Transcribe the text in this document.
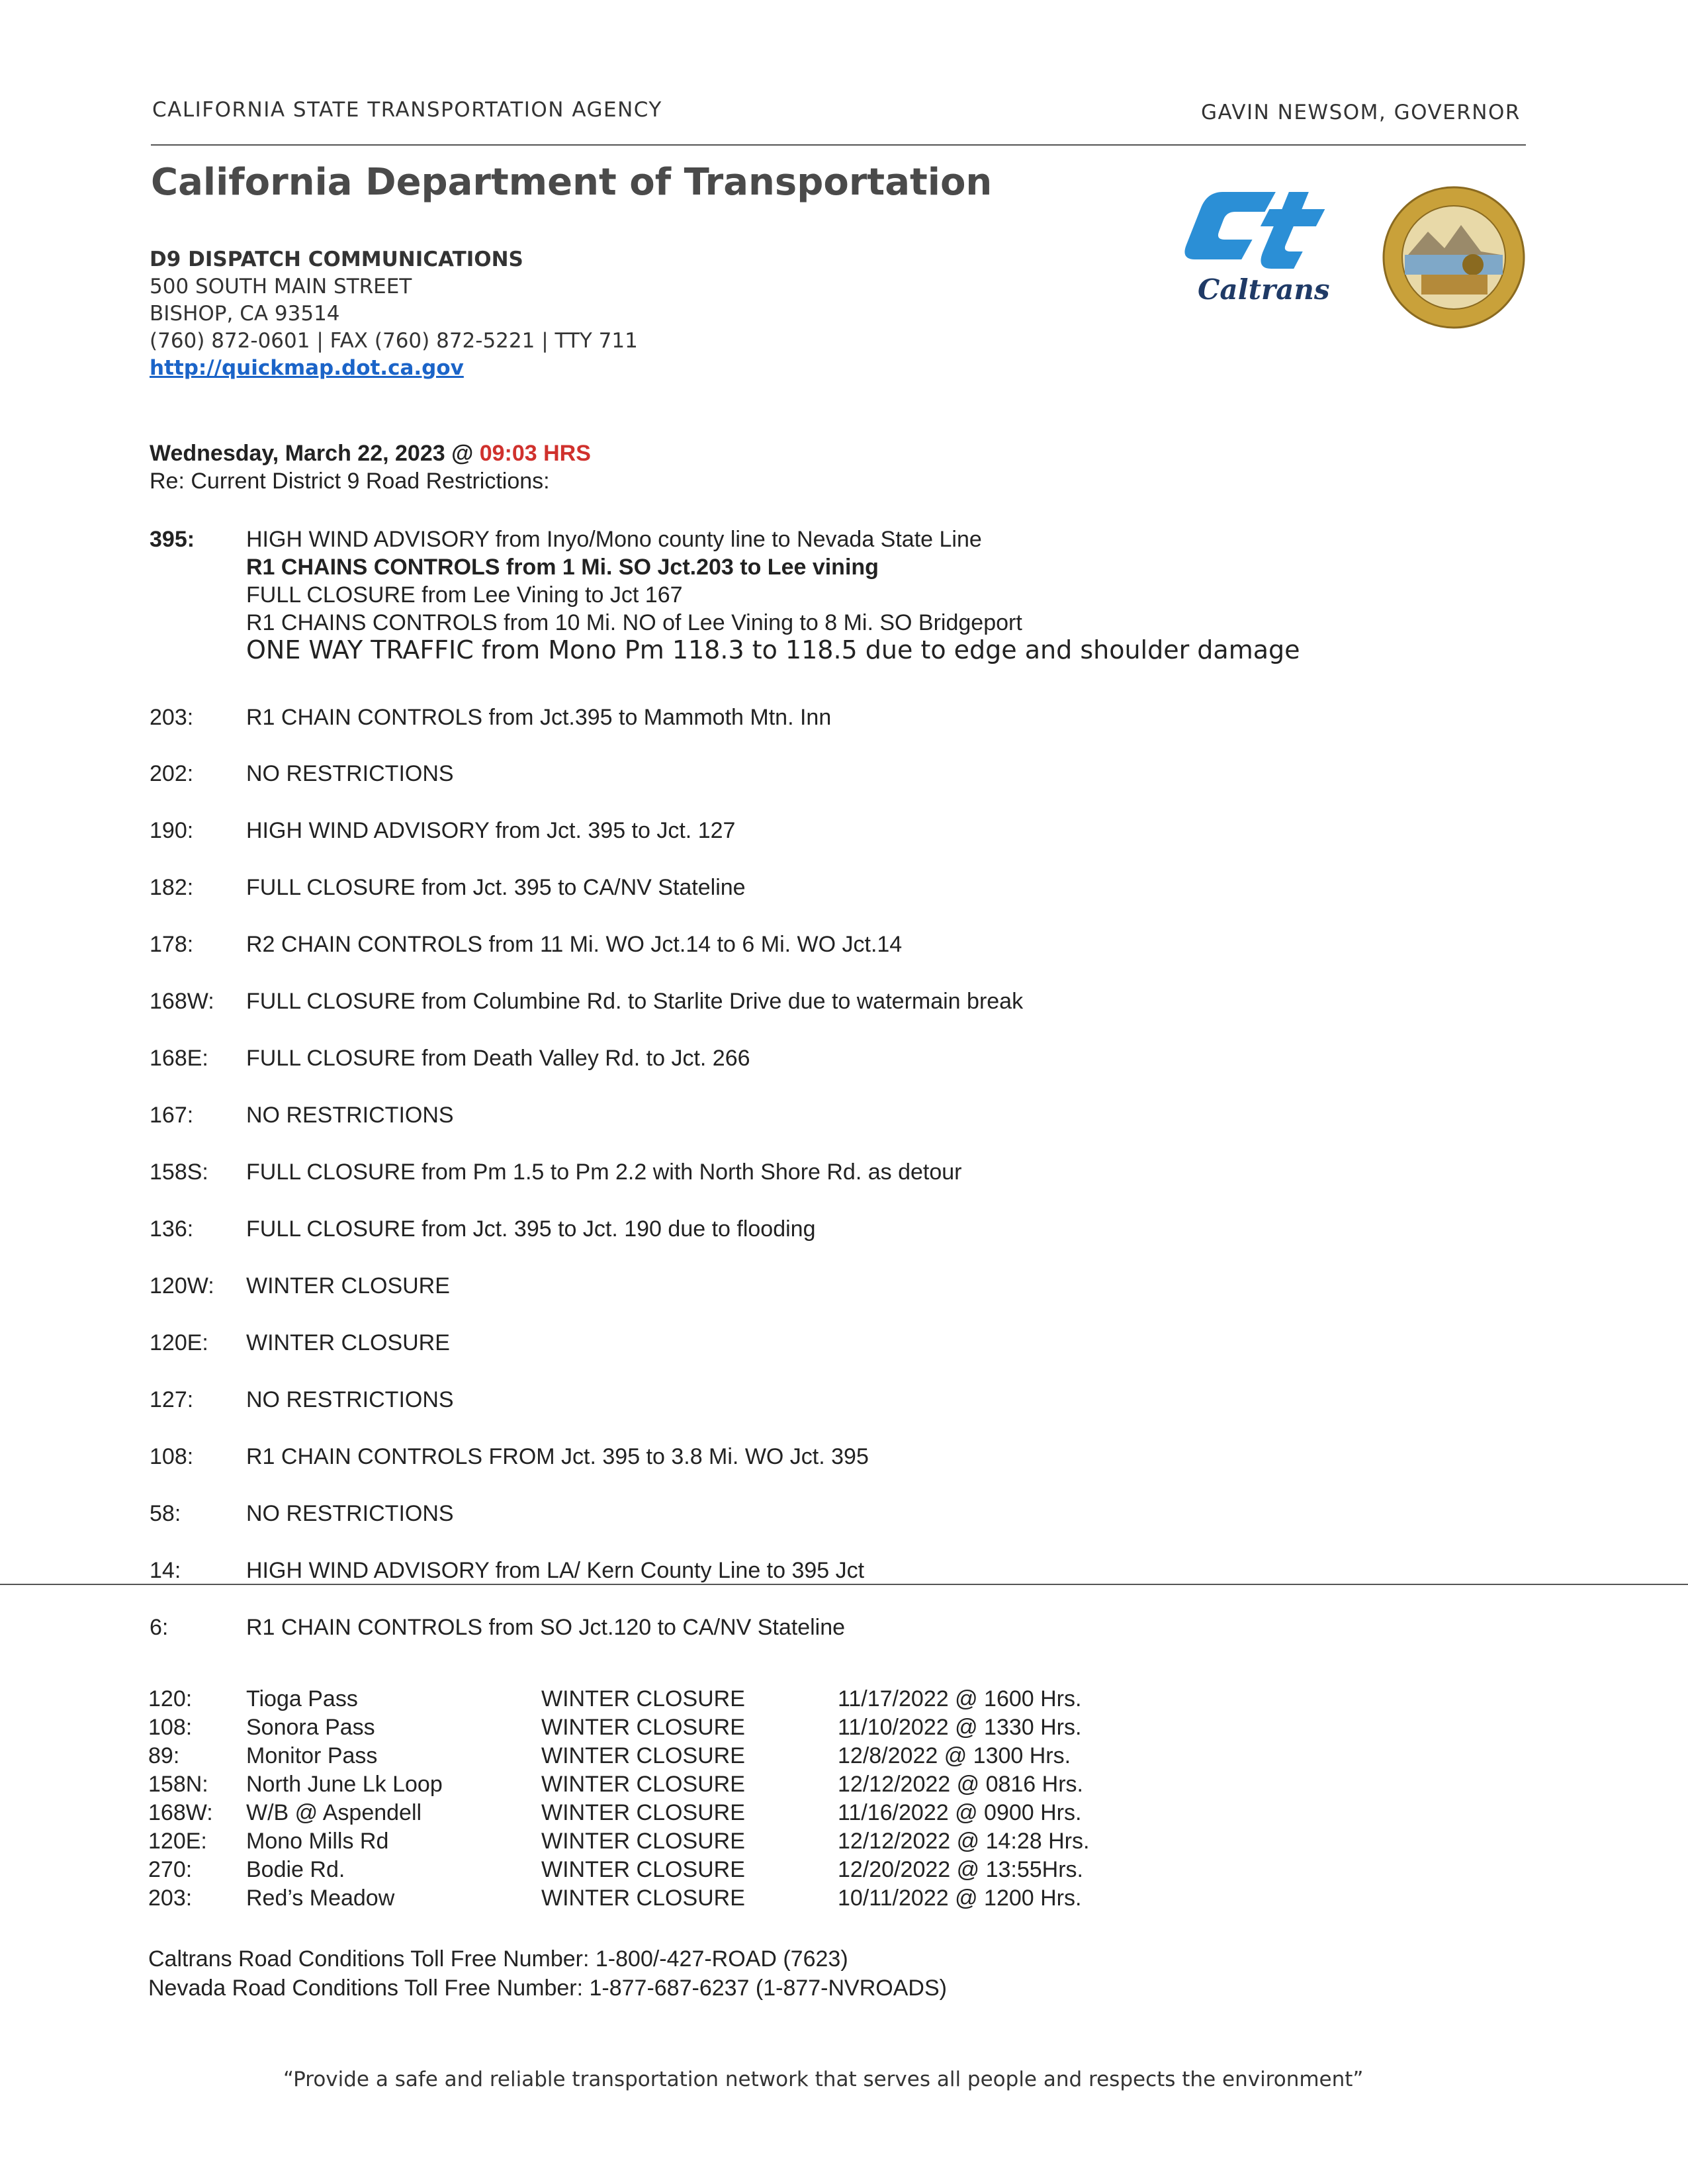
CALIFORNIA STATE TRANSPORTATION AGENCY	GAVIN NEWSOM, GOVERNOR
California Department of Transportation
D9 DISPATCH COMMUNICATIONS
500 SOUTH MAIN STREET
BISHOP, CA 93514
(760) 872-0601 | FAX (760) 872-5221 | TTY 711
http://quickmap.dot.ca.gov
Caltrans
Wednesday, March 22, 2023 @ 09:03 HRS
Re: Current District 9 Road Restrictions:
395: HIGH WIND ADVISORY from Inyo/Mono county line to Nevada State Line
R1 CHAINS CONTROLS from 1 Mi. SO Jct.203 to Lee vining
FULL CLOSURE from Lee Vining to Jct 167
R1 CHAINS CONTROLS from 10 Mi. NO of Lee Vining to 8 Mi. SO Bridgeport
ONE WAY TRAFFIC from Mono Pm 118.3 to 118.5 due to edge and shoulder damage
203: R1 CHAIN CONTROLS from Jct.395 to Mammoth Mtn. Inn
202: NO RESTRICTIONS
190: HIGH WIND ADVISORY from Jct. 395 to Jct. 127
182: FULL CLOSURE from Jct. 395 to CA/NV Stateline
178: R2 CHAIN CONTROLS from 11 Mi. WO Jct.14 to 6 Mi. WO Jct.14
168W: FULL CLOSURE from Columbine Rd. to Starlite Drive due to watermain break
168E: FULL CLOSURE from Death Valley Rd. to Jct. 266
167: NO RESTRICTIONS
158S: FULL CLOSURE from Pm 1.5 to Pm 2.2 with North Shore Rd. as detour
136: FULL CLOSURE from Jct. 395 to Jct. 190 due to flooding
120W: WINTER CLOSURE
120E: WINTER CLOSURE
127: NO RESTRICTIONS
108: R1 CHAIN CONTROLS FROM Jct. 395 to 3.8 Mi. WO Jct. 395
58:	NO RESTRICTIONS
14:	HIGH WIND ADVISORY from LA/ Kern County Line to 395 Jct
6:	R1 CHAIN CONTROLS from SO Jct.120 to CA/NV Stateline
120: Tioga Pass	WINTER CLOSURE	11/17/2022 @ 1600 Hrs.
108: Sonora Pass	WINTER CLOSURE	11/10/2022 @ 1330 Hrs.
89:	Monitor Pass	WINTER CLOSURE	12/8/2022 @ 1300 Hrs.
158N: North June Lk Loop	WINTER CLOSURE	12/12/2022 @ 0816 Hrs.
168W: W/B @ Aspendell	WINTER CLOSURE	11/16/2022 @ 0900 Hrs.
120E: Mono Mills Rd	WINTER CLOSURE	12/12/2022 @ 14:28 Hrs.
270: Bodie Rd.	WINTER CLOSURE	12/20/2022 @ 13:55Hrs.
203: Red’s Meadow	WINTER CLOSURE	10/11/2022 @ 1200 Hrs.
Caltrans Road Conditions Toll Free Number: 1-800/-427-ROAD (7623)
Nevada Road Conditions Toll Free Number: 1-877-687-6237 (1-877-NVROADS)
“Provide a safe and reliable transportation network that serves all people and respects the environment”
